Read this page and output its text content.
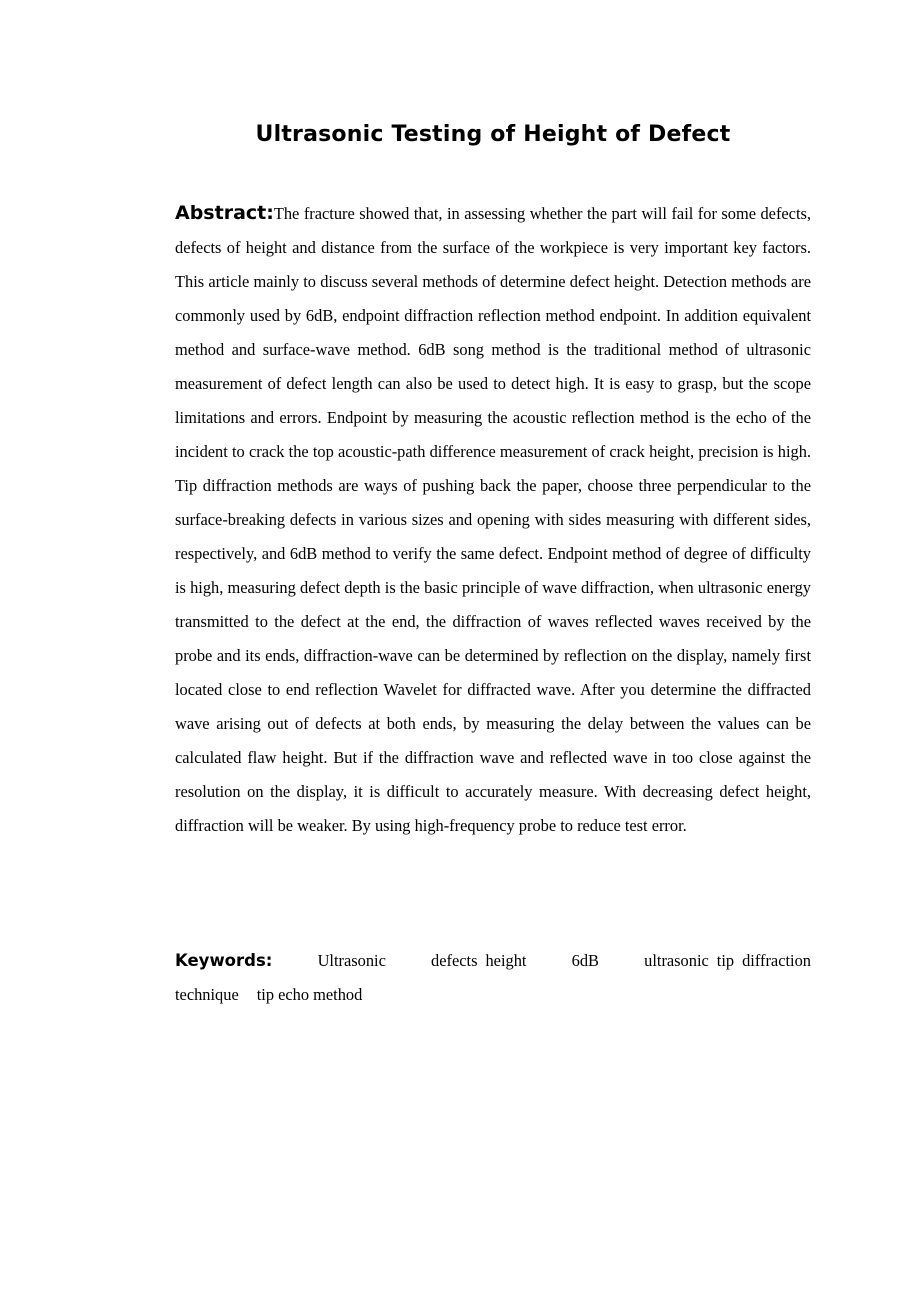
Ultrasonic Testing of Height of Defect

Abstract:The fracture showed that, in assessing whether the part will fail for some defects, defects of height and distance from the surface of the workpiece is very important key factors. This article mainly to discuss several methods of determine defect height. Detection methods are commonly used by 6dB, endpoint diffraction reflection method endpoint. In addition equivalent method and surface-wave method. 6dB song method is the traditional method of ultrasonic measurement of defect length can also be used to detect high. It is easy to grasp, but the scope limitations and errors. Endpoint by measuring the acoustic reflection method is the echo of the incident to crack the top acoustic-path difference measurement of crack height, precision is high. Tip diffraction methods are ways of pushing back the paper, choose three perpendicular to the surface-breaking defects in various sizes and opening with sides measuring with different sides, respectively, and 6dB method to verify the same defect. Endpoint method of degree of difficulty is high, measuring defect depth is the basic principle of wave diffraction, when ultrasonic energy transmitted to the defect at the end, the diffraction of waves reflected waves received by the probe and its ends, diffraction-wave can be determined by reflection on the display, namely first located close to end reflection Wavelet for diffracted wave. After you determine the diffracted wave arising out of defects at both ends, by measuring the delay between the values can be calculated flaw height. But if the diffraction wave and reflected wave in too close against the resolution on the display, it is difficult to accurately measure. With decreasing defect height, diffraction will be weaker. By using high-frequency probe to reduce test error.

Keywords:	Ultrasonic	defects height	6dB	ultrasonic tip diffraction
technique tip echo method
